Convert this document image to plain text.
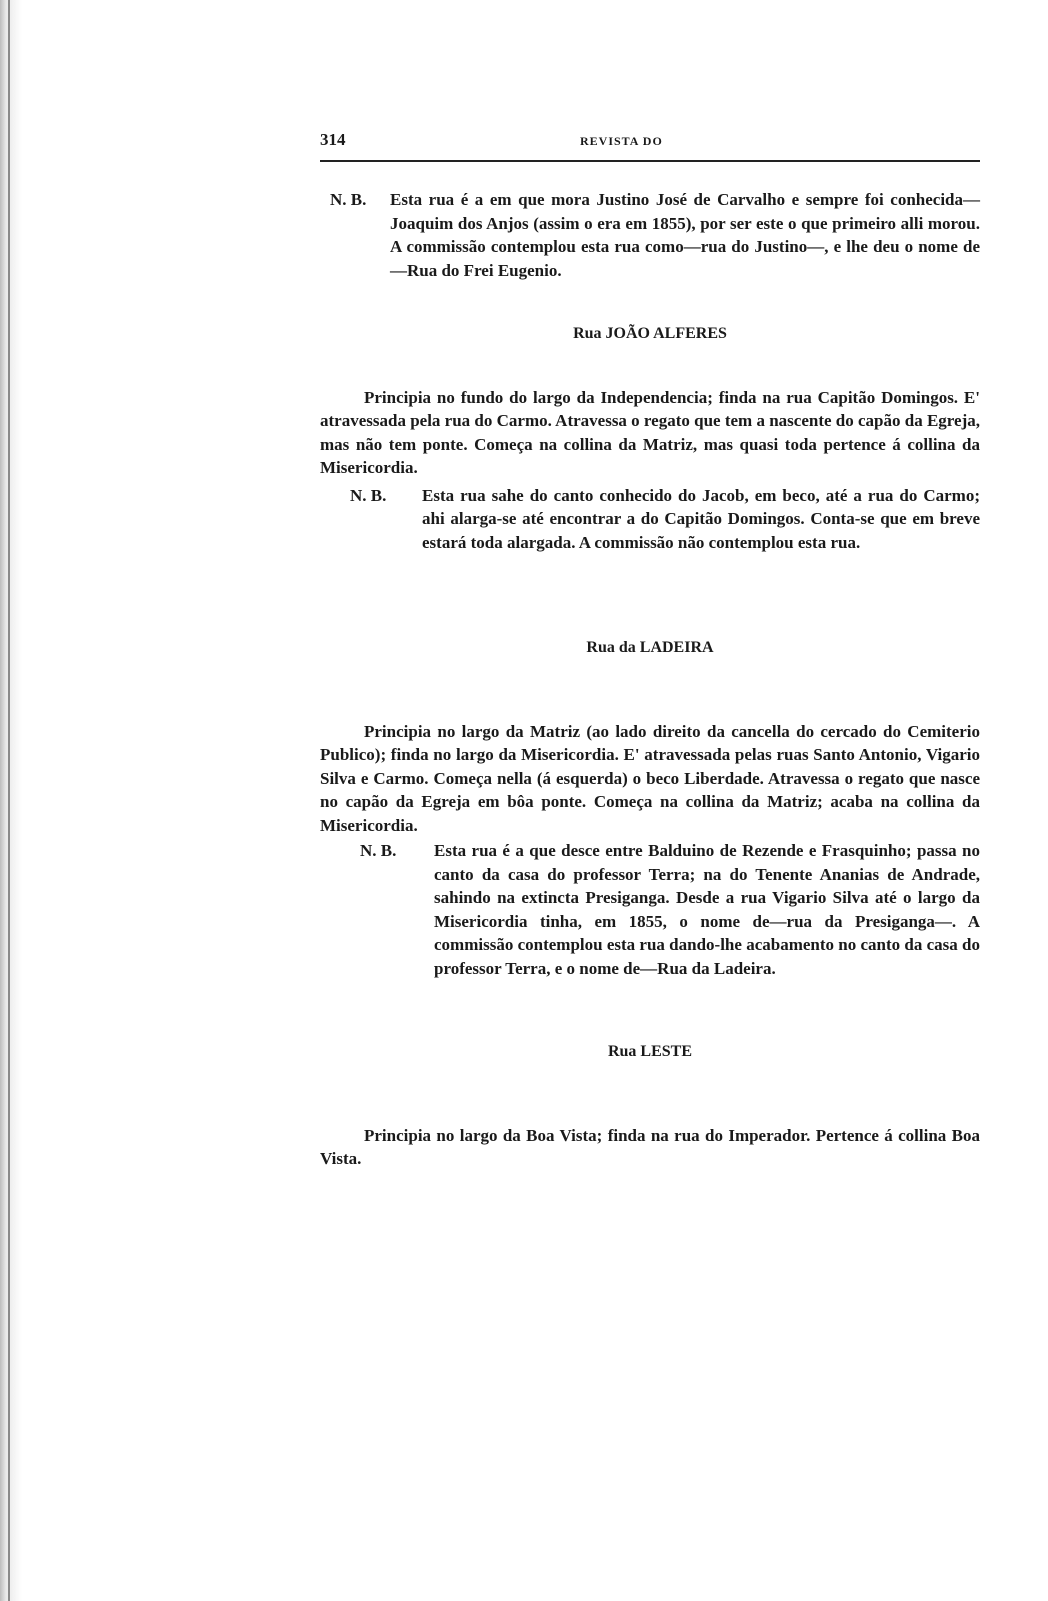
314	REVISTA DO
N. B.	Esta rua é a em que mora Justino José de Carvalho e sempre foi conhecida—Joaquim dos Anjos (assim o era em 1855), por ser este o que primeiro alli morou. A commissão contemplou esta rua como—rua do Justino—, e lhe deu o nome de —Rua do Frei Eugenio.
Rua JOÃO ALFERES

Principia no fundo do largo da Independencia; finda na rua Capitão Domingos. E' atravessada pela rua do Carmo. Atravessa o regato que tem a nascente do capão da Egreja, mas não tem ponte. Começa na collina da Matriz, mas quasi toda pertence á collina da Misericordia.

N. B.	Esta rua sahe do canto conhecido do Jacob, em beco, até a rua do Carmo; ahi alarga-se até encontrar a do Capitão Domingos. Conta-se que em breve estará toda alargada. A commissão não contemplou esta rua.
Rua da LADEIRA

Principia no largo da Matriz (ao lado direito da cancella do cercado do Cemiterio Publico); finda no largo da Misericordia. E' atravessada pelas ruas Santo Antonio, Vigario Silva e Carmo. Começa nella (á esquerda) o beco Liberdade. Atravessa o regato que nasce no capão da Egreja em bôa ponte. Começa na collina da Matriz; acaba na collina da Misericordia.

N. B.	Esta rua é a que desce entre Balduino de Rezende e Frasquinho; passa no canto da casa do professor Terra; na do Tenente Ananias de Andrade, sahindo na extincta Presiganga. Desde a rua Vigario Silva até o largo da Misericordia tinha, em 1855, o nome de—rua da Presiganga—. A commissão contemplou esta rua dando-lhe acabamento no canto da casa do professor Terra, e o nome de—Rua da Ladeira.
Rua LESTE

Principia no largo da Boa Vista; finda na rua do Imperador. Pertence á collina Boa Vista.
